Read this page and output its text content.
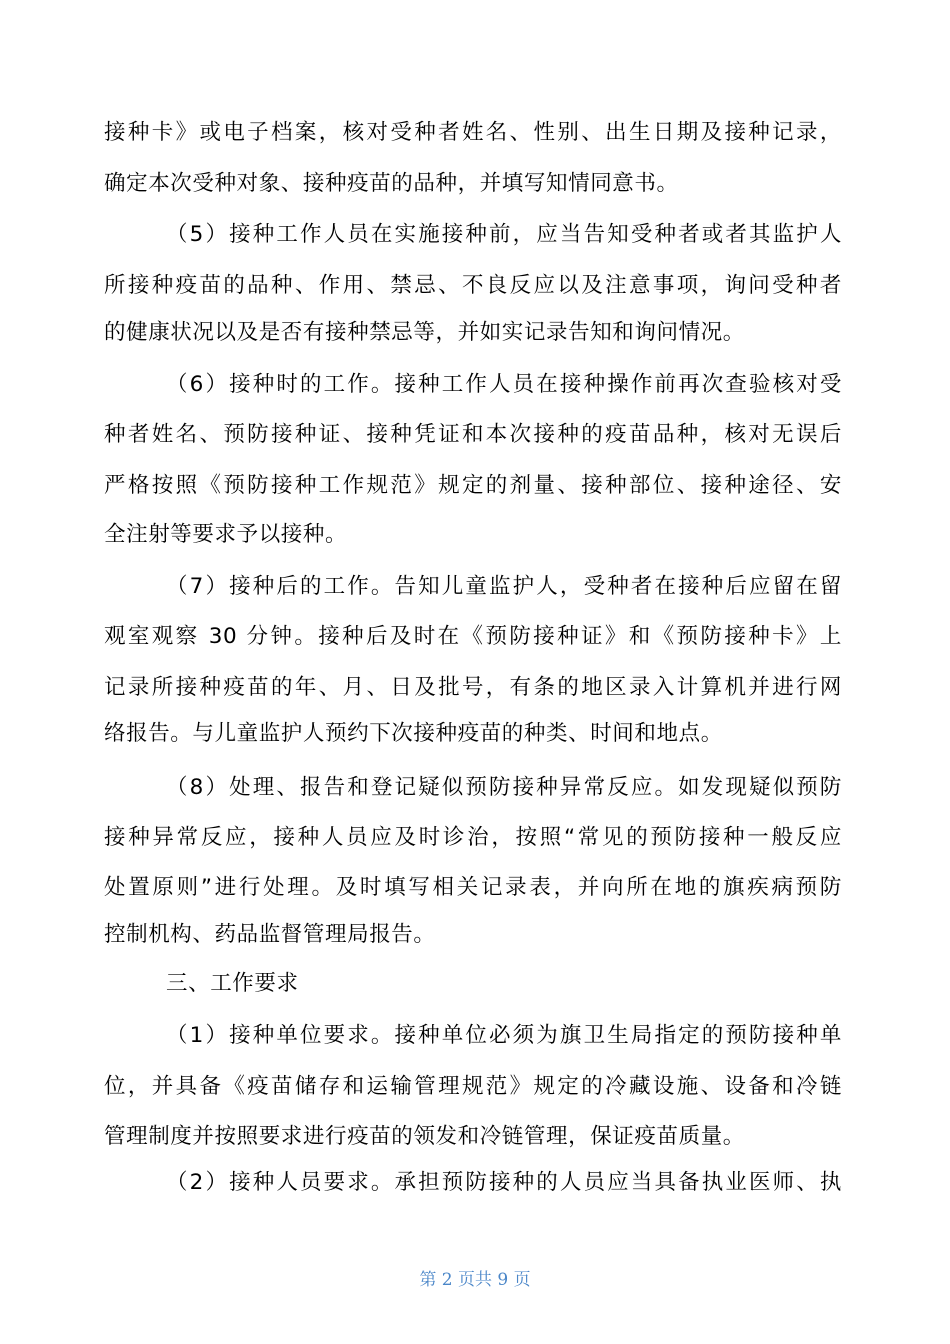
接种卡》或电子档案，核对受种者姓名、性别、出生日期及接种记录，
确定本次受种对象、接种疫苗的品种，并填写知情同意书。
（5）接种工作人员在实施接种前，应当告知受种者或者其监护人
所接种疫苗的品种、作用、禁忌、不良反应以及注意事项，询问受种者
的健康状况以及是否有接种禁忌等，并如实记录告知和询问情况。
（6）接种时的工作。接种工作人员在接种操作前再次查验核对受
种者姓名、预防接种证、接种凭证和本次接种的疫苗品种，核对无误后
严格按照《预防接种工作规范》规定的剂量、接种部位、接种途径、安
全注射等要求予以接种。
（7）接种后的工作。告知儿童监护人，受种者在接种后应留在留
观室观察 30 分钟。接种后及时在《预防接种证》和《预防接种卡》上
记录所接种疫苗的年、月、日及批号，有条的地区录入计算机并进行网
络报告。与儿童监护人预约下次接种疫苗的种类、时间和地点。
（8）处理、报告和登记疑似预防接种异常反应。如发现疑似预防
接种异常反应，接种人员应及时诊治，按照“常见的预防接种一般反应
处置原则”进行处理。及时填写相关记录表，并向所在地的旗疾病预防
控制机构、药品监督管理局报告。
三、工作要求
（1）接种单位要求。接种单位必须为旗卫生局指定的预防接种单
位，并具备《疫苗储存和运输管理规范》规定的冷藏设施、设备和冷链
管理制度并按照要求进行疫苗的领发和冷链管理，保证疫苗质量。
（2）接种人员要求。承担预防接种的人员应当具备执业医师、执
第 2 页共 9 页
